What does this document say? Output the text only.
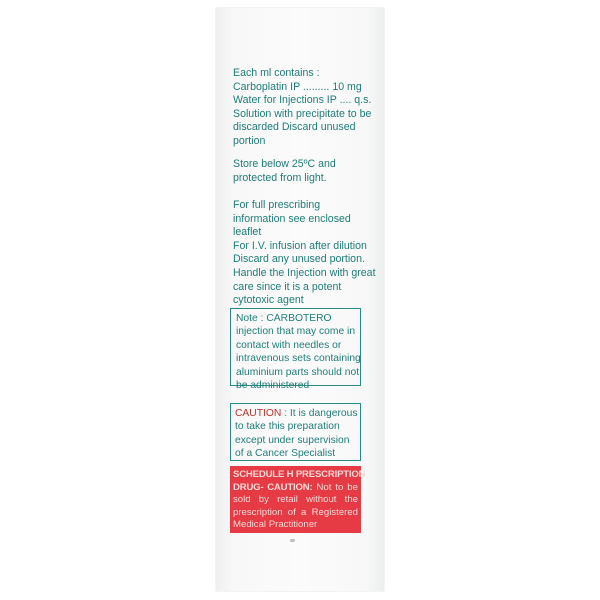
Each ml contains :
Carboplatin IP ......... 10 mg
Water for Injections IP .... q.s.
Solution with precipitate to be
discarded Discard unused
portion
Store below 25ºC and
protected from light.
For full prescribing
information see enclosed
leaflet
For I.V. infusion after dilution
Discard any unused portion.
Handle the Injection with great
care since it is a potent
cytotoxic agent
Note : CARBOTERO
injection that may come in
contact with needles or
intravenous sets containing
aluminium parts should not
be administered
CAUTION : It is dangerous
to take this preparation
except under supervision
of a Cancer Specialist
SCHEDULE H PRESCRIPTION
DRUG- CAUTION: Not to be
sold by retail without the
prescription of a Registered
Medical Practitioner
